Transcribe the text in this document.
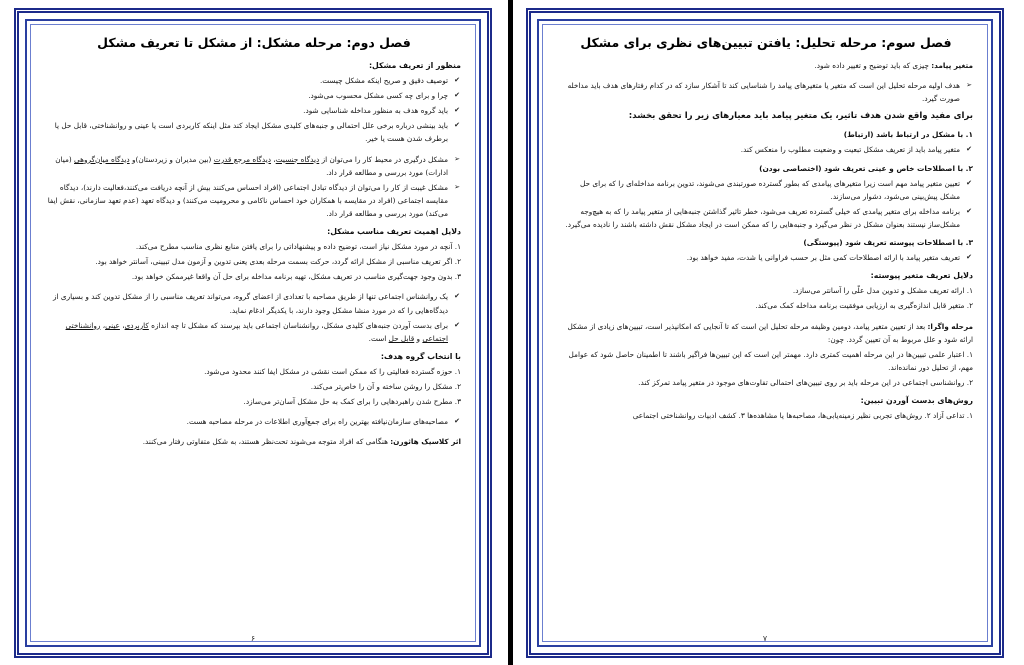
فصل دوم: مرحله مشکل: از مشکل تا تعریف مشکل
منظور از تعریف مشکل:
✔ توصیف دقیق و صریح اینکه مشکل چیست.
✔ چرا و برای چه کسی مشکل محسوب می‌شود.
✔ باید گروه هدف به منظور مداخله شناسایی شود.
✔ باید بینشی درباره برخی علل احتمالی و جنبه‌های کلیدی مشکل ایجاد کند مثل اینکه کاربردی است یا عینی و روانشناختی، قابل حل یا برطرف شدن هست یا خیر.
➢ مشکل درگیری در محیط کار را می‌توان از دیدگاه جنسیت، دیدگاه مرجع قدرت (بین مدیران و زیردستان)و دیدگاه میان‌گروهی (میان ادارات) مورد بررسی و مطالعه قرار داد.
➢ مشکل غیبت از کار را می‌توان از دیدگاه تبادل اجتماعی (افراد احساس می‌کنند بیش از آنچه دریافت می‌کنند،فعالیت دارند)، دیدگاه مقایسه اجتماعی (افراد در مقایسه با همکاران خود احساس ناکامی و محرومیت می‌کنند) و دیدگاه تعهد (عدم تعهد سازمانی، نقش ایفا می‌کند) مورد بررسی و مطالعه قرار داد.
دلایل اهمیت تعریف مناسب مشکل:
۱. آنچه در مورد مشکل نیاز است، توضیح داده و پیشنهاداتی را برای یافتن منابع نظری مناسب مطرح می‌کند.
۲. اگر تعریف مناسبی از مشکل ارائه گردد، حرکت بسمت مرحله بعدی یعنی تدوین و آزمون مدل تبیینی، آسانتر خواهد بود.
۳. بدون وجود جهت‌گیری مناسب در تعریف مشکل، تهیه برنامه مداخله برای حل آن واقعا غیرممکن خواهد بود.
✔ یک روانشناس اجتماعی تنها از طریق مصاحبه با تعدادی از اعضای گروه، می‌تواند تعریف مناسبی را از مشکل تدوین کند و بسیاری از دیدگاه‌هایی را که در مورد منشا مشکل وجود دارند، با یکدیگر ادغام نماید.
✔ برای بدست آوردن جنبه‌های کلیدی مشکل، روانشناسان اجتماعی باید بپرسند که مشکل تا چه اندازه کاربردی، عینی، روانشناختی اجتماعی و قابل حل است.
با انتخاب گروه هدف:
۱. حوزه گسترده فعالیتی را که ممکن است نقشی در مشکل ایفا کنند محدود می‌شود.
۲. مشکل را روشن ساخته و آن را خاص‌تر می‌کند.
۳. مطرح شدن راهبردهایی را برای کمک به حل مشکل آسان‌تر می‌سازد.
✔ مصاحبه‌های سازمان‌نیافته بهترین راه برای جمع‌آوری اطلاعات در مرحله مصاحبه هست.
اثر کلاسیک هاثورن: هنگامی که افراد متوجه می‌شوند تحت‌نظر هستند، به شکل متفاوتی رفتار می‌کنند.
۶
فصل سوم: مرحله تحلیل: یافتن تبیین‌های نظری برای مشکل
متغیر پیامد: چیزی که باید توضیح و تغییر داده شود.
➢ هدف اولیه مرحله تحلیل این است که متغیر یا متغیرهای پیامد را شناسایی کند تا آشکار سازد که در کدام رفتارهای هدف باید مداخله صورت گیرد.
برای مفید واقع شدن هدف تاثیر، یک متغیر پیامد باید معیارهای زیر را تحقق بخشد:
۱. با مشکل در ارتباط باشد (ارتباط)
✔ متغیر پیامد باید از تعریف مشکل تبعیت و وضعیت مطلوب را منعکس کند.
۲. با اصطلاحات خاص و عینی تعریف شود (اختصاصی بودن)
✔ تعیین متغیر پیامد مهم است زیرا متغیرهای پیامدی که بطور گسترده صورتبندی می‌شوند، تدوین برنامه مداخله‌ای را که برای حل مشکل پیش‌بینی می‌شود، دشوار می‌سازند.
✔ برنامه مداخله برای متغیر پیامدی که خیلی گسترده تعریف می‌شود، خطر تاثیر گذاشتن جنبه‌هایی از متغیر پیامد را که به هیچ‌وجه مشکل‌ساز نیستند بعنوان مشکل در نظر می‌گیرد و جنبه‌هایی را که ممکن است در ایجاد مشکل نقش داشته باشند را نادیده می‌گیرد.
۳. با اصطلاحات پیوسته تعریف شود (پیوستگی)
✔ تعریف متغیر پیامد با ارائه اصطلاحات کمی مثل بر حسب فراوانی یا شدت، مفید خواهد بود.
دلایل تعریف متغیر پیوسته:
۱. ارائه تعریف مشکل و تدوین مدل علّی را آسانتر می‌سازد.
۲. متغیر قابل اندازه‌گیری به ارزیابی موفقیت برنامه مداخله کمک می‌کند.
مرحله واگرا: بعد از تعیین متغیر پیامد، دومین وظیفه مرحله تحلیل این است که تا آنجایی که امکانپذیر است، تبیین‌های زیادی از مشکل ارائه شود و علل مربوط به آن تعیین گردد. چون:
۱. اعتبار علمی تبیین‌ها در این مرحله اهمیت کمتری دارد. مهمتر این است که این تبیین‌ها فراگیر باشند تا اطمینان حاصل شود که عوامل مهم، از تحلیل دور نمانده‌اند.
۲. روانشناسی اجتماعی در این مرحله باید بر روی تبیین‌های احتمالی تفاوت‌های موجود در متغیر پیامد تمرکز کند.
روش‌های بدست آوردن تبیین:
۱. تداعی آزاد ۲. روش‌های تجربی نظیر زمینه‌یابی‌ها، مصاحبه‌ها یا مشاهده‌ها ۳. کشف ادبیات روانشناختی اجتماعی
۷
